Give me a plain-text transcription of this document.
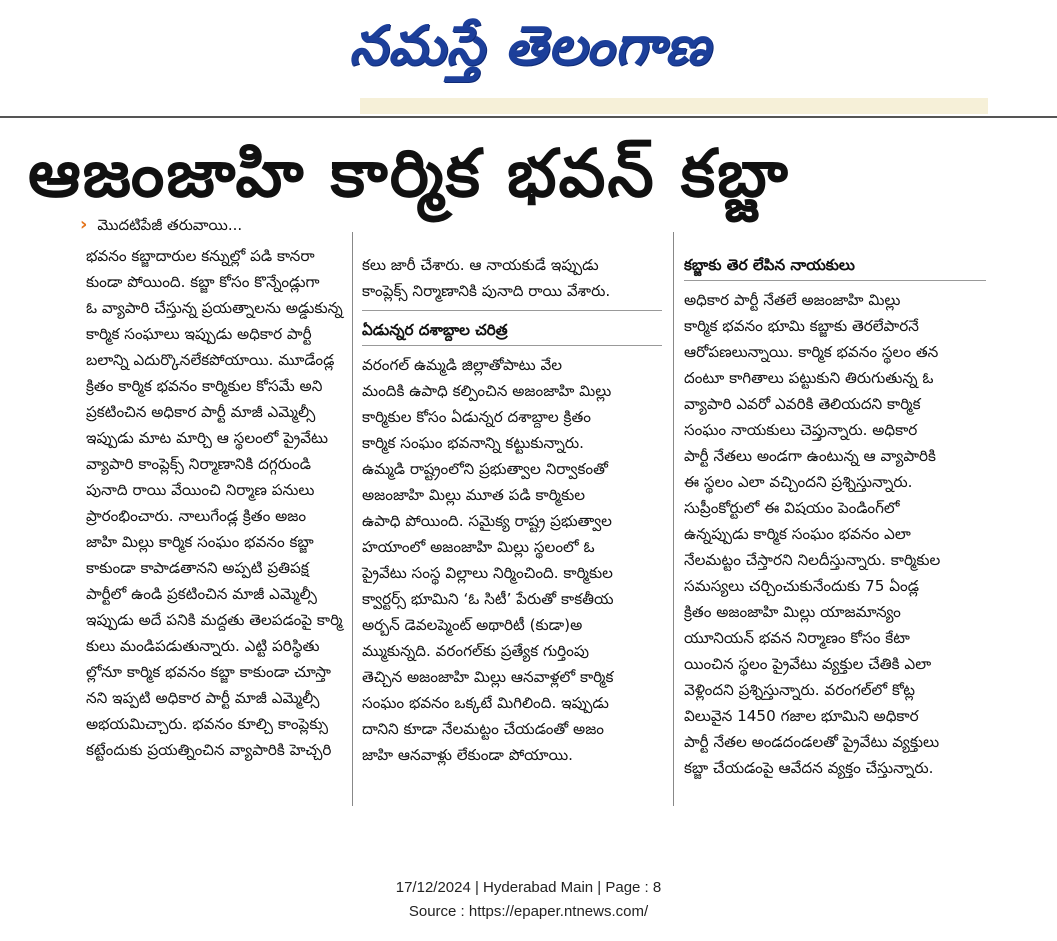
నమస్తే తెలంగాణ
ఆజంజాహి కార్మిక భవన్ కబ్జా
› మొదటిపేజీ తరువాయి...

భవనం కబ్జాదారుల కన్నుల్లో పడి కానరా
కుండా పోయింది. కబ్జా కోసం కొన్నేండ్లుగా
ఓ వ్యాపారి చేస్తున్న ప్రయత్నాలను అడ్డుకున్న
కార్మిక సంఘాలు ఇప్పుడు అధికార పార్టీ
బలాన్ని ఎదుర్కొనలేకపోయాయి. మూడేండ్ల
క్రితం కార్మిక భవనం కార్మికుల కోసమే అని
ప్రకటించిన అధికార పార్టీ మాజీ ఎమ్మెల్సీ
ఇప్పుడు మాట మార్చి ఆ స్థలంలో ప్రైవేటు
వ్యాపారి కాంప్లెక్స్ నిర్మాణానికి దగ్గరుండి
పునాది రాయి వేయించి నిర్మాణ పనులు
ప్రారంభించారు. నాలుగేండ్ల క్రితం అజం
జాహి మిల్లు కార్మిక సంఘం భవనం కబ్జా
కాకుండా కాపాడతానని అప్పటి ప్రతిపక్ష
పార్టీలో ఉండి ప్రకటించిన మాజీ ఎమ్మెల్సీ
ఇప్పుడు అదే పనికి మద్దతు తెలపడంపై కార్మి
కులు మండిపడుతున్నారు. ఎట్టి పరిస్థితు
ల్లోనూ కార్మిక భవనం కబ్జా కాకుండా చూస్తా
నని ఇప్పటి అధికార పార్టీ మాజీ ఎమ్మెల్సీ
అభయమిచ్చారు. భవనం కూల్చి కాంప్లెక్సు
కట్టేందుకు ప్రయత్నించిన వ్యాపారికి హెచ్చరి

కలు జారీ చేశారు. ఆ నాయకుడే ఇప్పుడు
కాంప్లెక్స్ నిర్మాణానికి పునాది రాయి వేశారు.

ఏడున్నర దశాబ్దాల చరిత్ర

వరంగల్ ఉమ్మడి జిల్లాతోపాటు వేల
మందికి ఉపాధి కల్పించిన అజంజాహి మిల్లు
కార్మికుల కోసం ఏడున్నర దశాబ్దాల క్రితం
కార్మిక సంఘం భవనాన్ని కట్టుకున్నారు.
ఉమ్మడి రాష్ట్రంలోని ప్రభుత్వాల నిర్వాకంతో
అజంజాహి మిల్లు మూత పడి కార్మికుల
ఉపాధి పోయింది. సమైక్య రాష్ట్ర ప్రభుత్వాల
హయాంలో అజంజాహి మిల్లు స్థలంలో ఓ
ప్రైవేటు సంస్థ విల్లాలు నిర్మించింది. కార్మికుల
క్వార్టర్స్ భూమిని ‘ఓ సిటీ’ పేరుతో కాకతీయ
అర్బన్ డెవలప్మెంట్ అథారిటీ (కుడా)అ
మ్ముకున్నది. వరంగల్‌కు ప్రత్యేక గుర్తింపు
తెచ్చిన అజంజాహి మిల్లు ఆనవాళ్లలో కార్మిక
సంఘం భవనం ఒక్కటే మిగిలింది. ఇప్పుడు
దానిని కూడా నేలమట్టం చేయడంతో అజం
జాహి ఆనవాళ్లు లేకుండా పోయాయి.

కబ్జాకు తెర లేపిన నాయకులు

అధికార పార్టీ నేతలే అజంజాహి మిల్లు
కార్మిక భవనం భూమి కబ్జాకు తెరలేపారనే
ఆరోపణలున్నాయి. కార్మిక భవనం స్థలం తన
దంటూ కాగితాలు పట్టుకుని తిరుగుతున్న ఓ
వ్యాపారి ఎవరో ఎవరికి తెలియదని కార్మిక
సంఘం నాయకులు చెప్తున్నారు. అధికార
పార్టీ నేతలు అండగా ఉంటున్న ఆ వ్యాపారికి
ఈ స్థలం ఎలా వచ్చిందని ప్రశ్నిస్తున్నారు.
సుప్రీంకోర్టులో ఈ విషయం పెండింగ్‌లో
ఉన్నప్పుడు కార్మిక సంఘం భవనం ఎలా
నేలమట్టం చేస్తారని నిలదీస్తున్నారు. కార్మికుల
సమస్యలు చర్చించుకునేందుకు 75 ఏండ్ల
క్రితం అజంజాహి మిల్లు యాజమాన్యం
యూనియన్ భవన నిర్మాణం కోసం కేటా
యించిన స్థలం ప్రైవేటు వ్యక్తుల చేతికి ఎలా
వెళ్లిందని ప్రశ్నిస్తున్నారు. వరంగల్‌లో కోట్ల
విలువైన 1450 గజాల భూమిని అధికార
పార్టీ నేతల అండదండలతో ప్రైవేటు వ్యక్తులు
కబ్జా చేయడంపై ఆవేదన వ్యక్తం చేస్తున్నారు.

17/12/2024 | Hyderabad Main | Page : 8
Source : https://epaper.ntnews.com/
